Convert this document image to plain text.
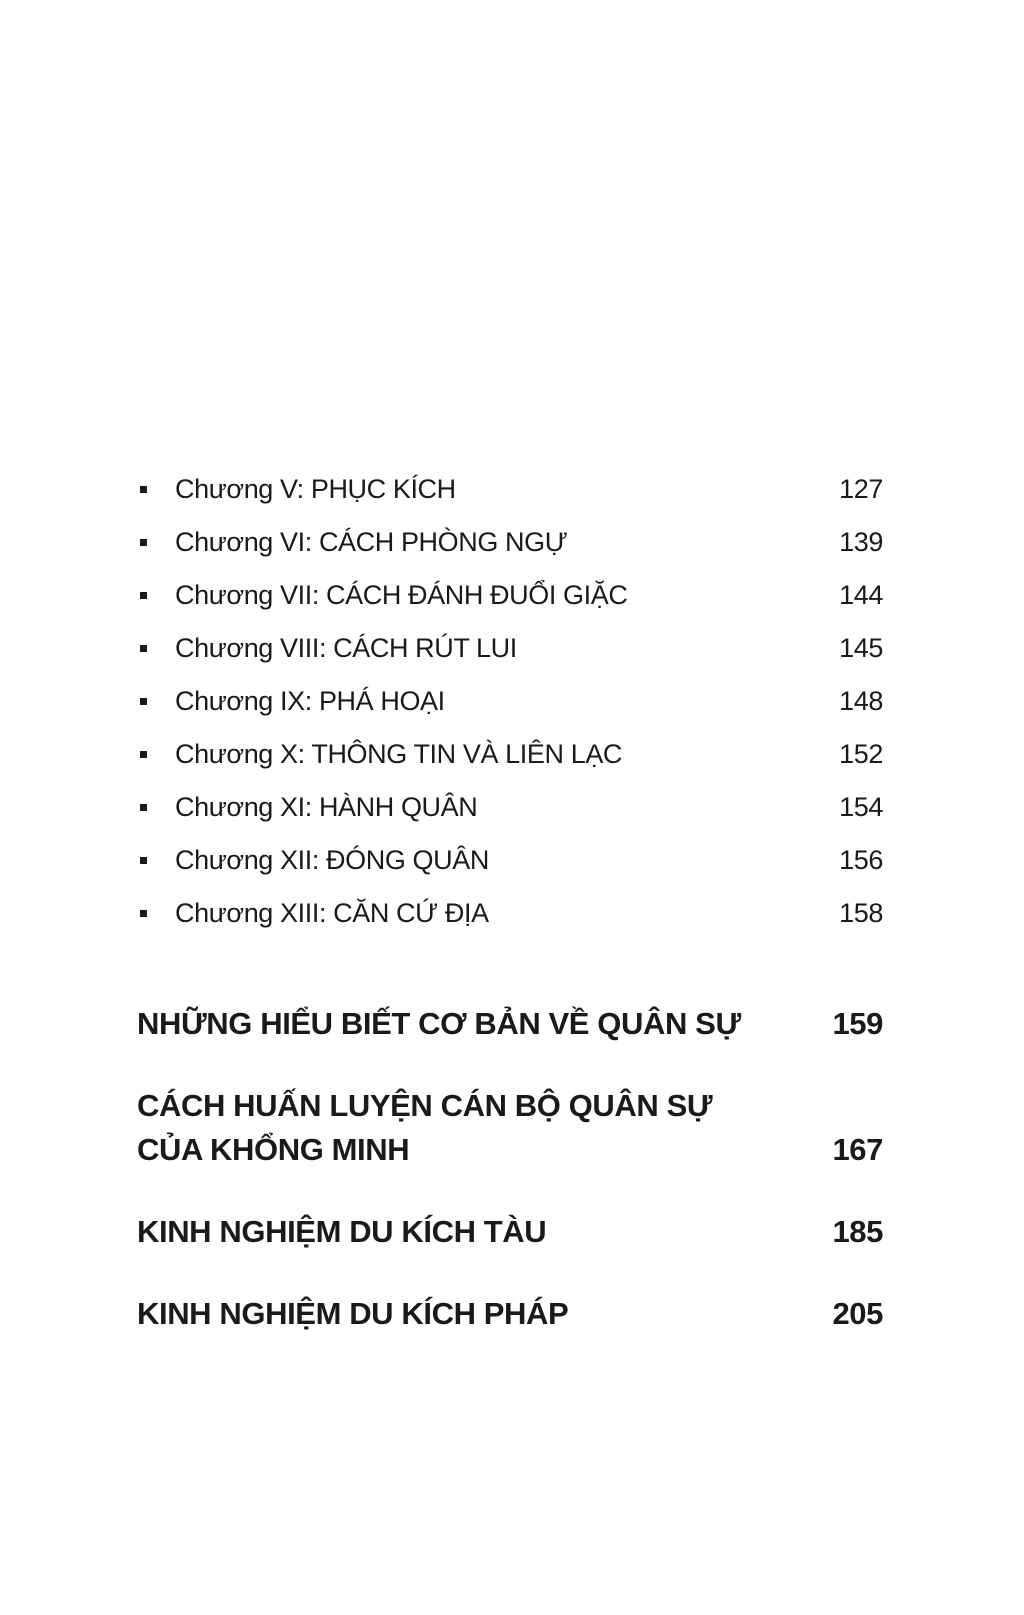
Chương V: PHỤC KÍCH	127
Chương VI: CÁCH PHÒNG NGỰ	139
Chương VII: CÁCH ĐÁNH ĐUỔI GIẶC	144
Chương VIII: CÁCH RÚT LUI	145
Chương IX: PHÁ HOẠI	148
Chương X: THÔNG TIN VÀ LIÊN LẠC	152
Chương XI: HÀNH QUÂN	154
Chương XII: ĐÓNG QUÂN	156
Chương XIII: CĂN CỨ ĐỊA	158
NHỮNG HIỂU BIẾT CƠ BẢN VỀ QUÂN SỰ	159
CÁCH HUẤN LUYỆN CÁN BỘ QUÂN SỰ
CỦA KHỔNG MINH	167
KINH NGHIỆM DU KÍCH TÀU	185
KINH NGHIỆM DU KÍCH PHÁP	205
